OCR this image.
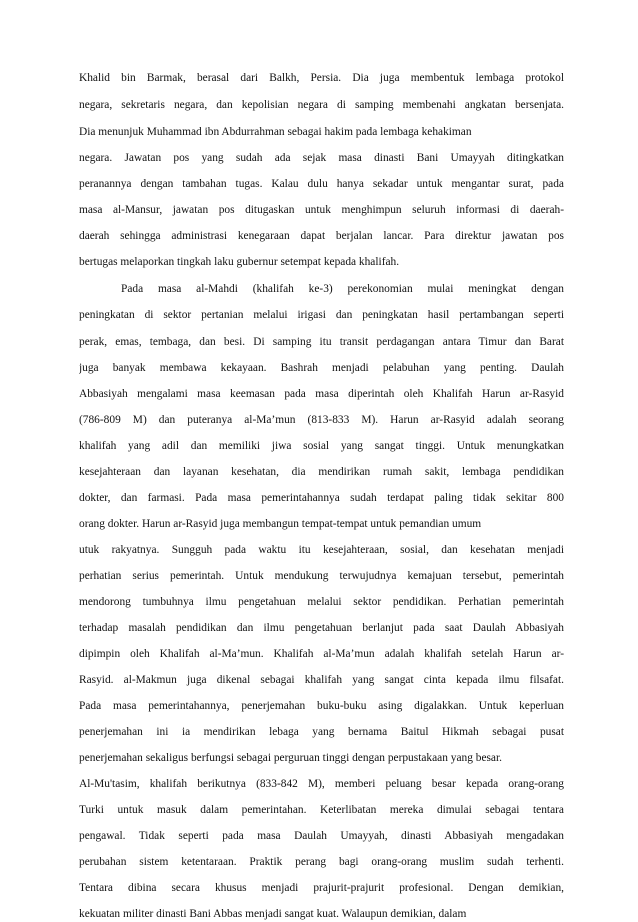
Khalid bin Barmak, berasal dari Balkh, Persia. Dia juga membentuk lembaga protokol
negara, sekretaris negara, dan kepolisian negara di samping membenahi angkatan bersenjata.
Dia menunjuk Muhammad ibn Abdurrahman sebagai hakim pada lembaga kehakiman
negara. Jawatan pos yang sudah ada sejak masa dinasti Bani Umayyah ditingkatkan
peranannya dengan tambahan tugas. Kalau dulu hanya sekadar untuk mengantar surat, pada
masa al-Mansur, jawatan pos ditugaskan untuk menghimpun seluruh informasi di daerah-
daerah sehingga administrasi kenegaraan dapat berjalan lancar. Para direktur jawatan pos
bertugas melaporkan tingkah laku gubernur setempat kepada khalifah.
Pada masa al-Mahdi (khalifah ke-3) perekonomian mulai meningkat dengan
peningkatan di sektor pertanian melalui irigasi dan peningkatan hasil pertambangan seperti
perak, emas, tembaga, dan besi. Di samping itu transit perdagangan antara Timur dan Barat
juga banyak membawa kekayaan. Bashrah menjadi pelabuhan yang penting. Daulah
Abbasiyah mengalami masa keemasan pada masa diperintah oleh Khalifah Harun ar-Rasyid
(786-809 M) dan puteranya al-Ma’mun (813-833 M). Harun ar-Rasyid adalah seorang
khalifah yang adil dan memiliki jiwa sosial yang sangat tinggi. Untuk menungkatkan
kesejahteraan dan layanan kesehatan, dia mendirikan rumah sakit, lembaga pendidikan
dokter, dan farmasi. Pada masa pemerintahannya sudah terdapat paling tidak sekitar 800
orang dokter. Harun ar-Rasyid juga membangun tempat-tempat untuk pemandian umum
utuk rakyatnya. Sungguh pada waktu itu kesejahteraan, sosial, dan kesehatan menjadi
perhatian serius pemerintah. Untuk mendukung terwujudnya kemajuan tersebut, pemerintah
mendorong tumbuhnya ilmu pengetahuan melalui sektor pendidikan. Perhatian pemerintah
terhadap masalah pendidikan dan ilmu pengetahuan berlanjut pada saat Daulah Abbasiyah
dipimpin oleh Khalifah al-Ma’mun. Khalifah al-Ma’mun adalah khalifah setelah Harun ar-
Rasyid. al-Makmun juga dikenal sebagai khalifah yang sangat cinta kepada ilmu filsafat.
Pada masa pemerintahannya, penerjemahan buku-buku asing digalakkan. Untuk keperluan
penerjemahan ini ia mendirikan lebaga yang bernama Baitul Hikmah sebagai pusat
penerjemahan sekaligus berfungsi sebagai perguruan tinggi dengan perpustakaan yang besar.
Al-Mu'tasim, khalifah berikutnya (833-842 M), memberi peluang besar kepada orang-orang
Turki untuk masuk dalam pemerintahan. Keterlibatan mereka dimulai sebagai tentara
pengawal. Tidak seperti pada masa Daulah Umayyah, dinasti Abbasiyah mengadakan
perubahan sistem ketentaraan. Praktik perang bagi orang-orang muslim sudah terhenti.
Tentara dibina secara khusus menjadi prajurit-prajurit profesional. Dengan demikian,
kekuatan militer dinasti Bani Abbas menjadi sangat kuat. Walaupun demikian, dalam
